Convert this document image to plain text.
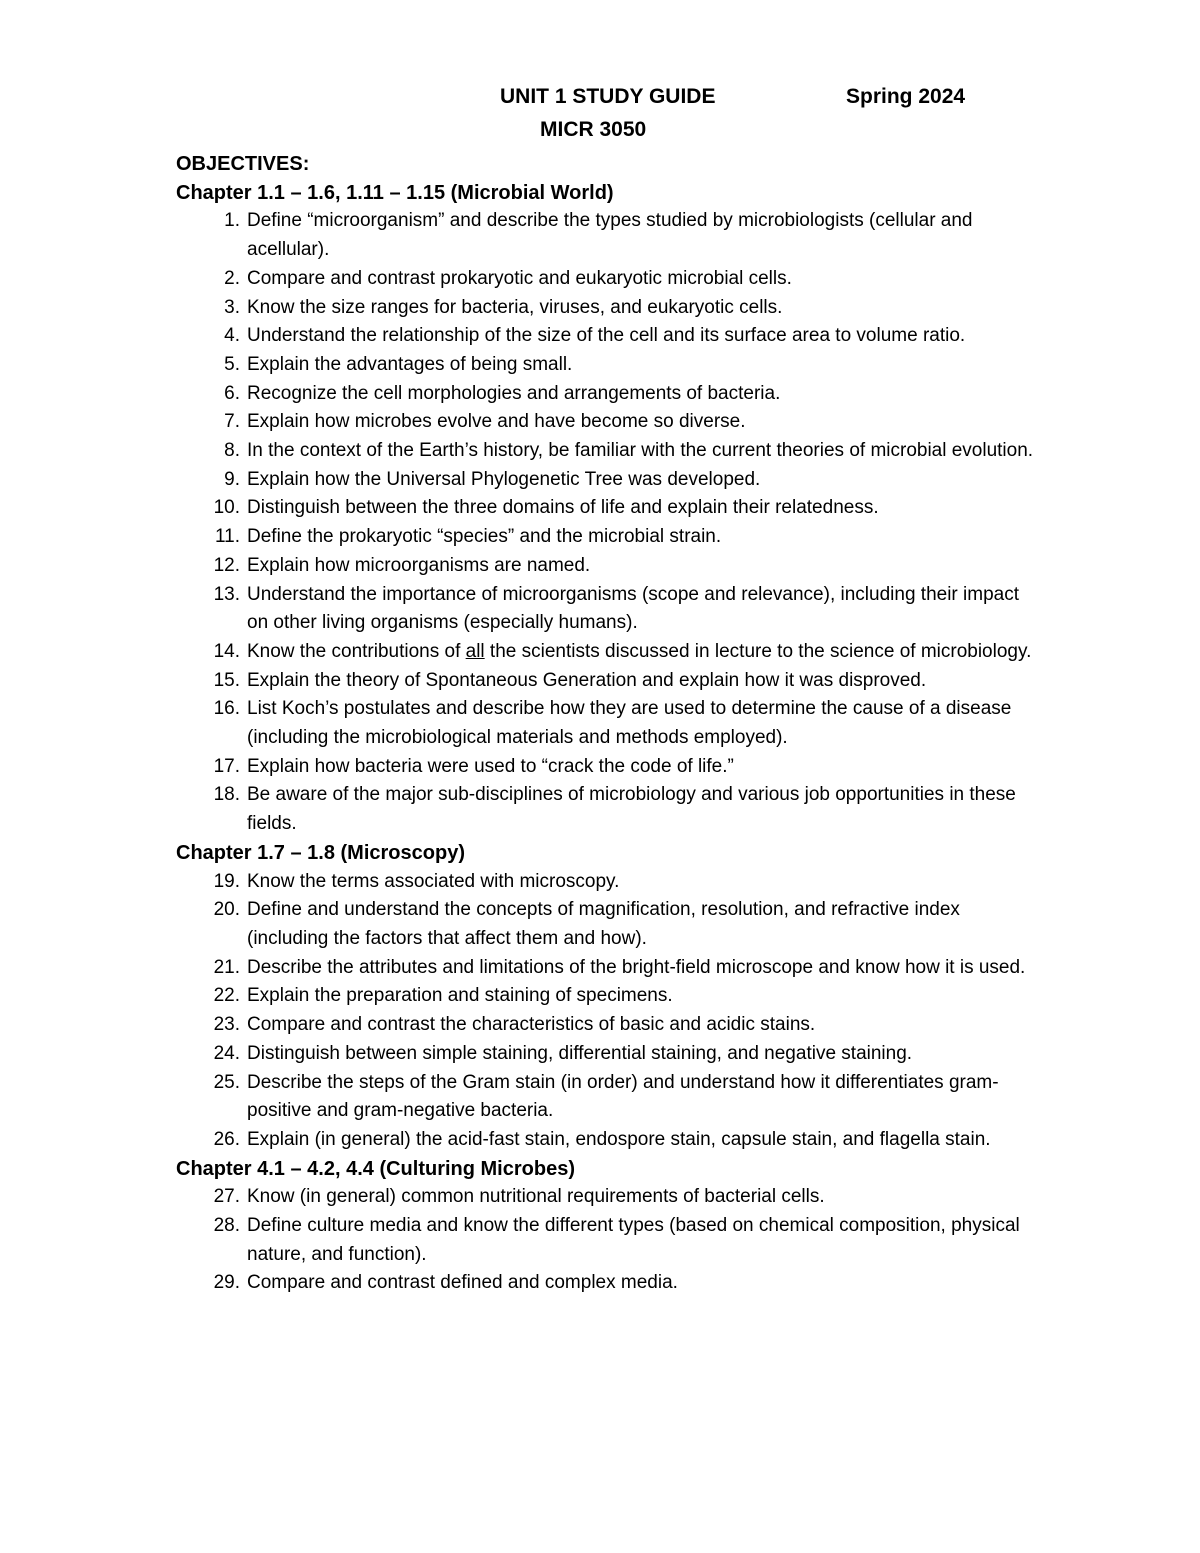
UNIT 1 STUDY GUIDE	Spring 2024
MICR 3050
OBJECTIVES:
Chapter 1.1 – 1.6, 1.11 – 1.15 (Microbial World)
1. Define “microorganism” and describe the types studied by microbiologists (cellular and acellular).
2. Compare and contrast prokaryotic and eukaryotic microbial cells.
3. Know the size ranges for bacteria, viruses, and eukaryotic cells.
4. Understand the relationship of the size of the cell and its surface area to volume ratio.
5. Explain the advantages of being small.
6. Recognize the cell morphologies and arrangements of bacteria.
7. Explain how microbes evolve and have become so diverse.
8. In the context of the Earth’s history, be familiar with the current theories of microbial evolution.
9. Explain how the Universal Phylogenetic Tree was developed.
10. Distinguish between the three domains of life and explain their relatedness.
11. Define the prokaryotic “species” and the microbial strain.
12. Explain how microorganisms are named.
13. Understand the importance of microorganisms (scope and relevance), including their impact on other living organisms (especially humans).
14. Know the contributions of all the scientists discussed in lecture to the science of microbiology.
15. Explain the theory of Spontaneous Generation and explain how it was disproved.
16. List Koch’s postulates and describe how they are used to determine the cause of a disease (including the microbiological materials and methods employed).
17. Explain how bacteria were used to “crack the code of life.”
18. Be aware of the major sub-disciplines of microbiology and various job opportunities in these fields.
Chapter 1.7 – 1.8 (Microscopy)
19. Know the terms associated with microscopy.
20. Define and understand the concepts of magnification, resolution, and refractive index (including the factors that affect them and how).
21. Describe the attributes and limitations of the bright-field microscope and know how it is used.
22. Explain the preparation and staining of specimens.
23. Compare and contrast the characteristics of basic and acidic stains.
24. Distinguish between simple staining, differential staining, and negative staining.
25. Describe the steps of the Gram stain (in order) and understand how it differentiates gram-positive and gram-negative bacteria.
26. Explain (in general) the acid-fast stain, endospore stain, capsule stain, and flagella stain.
Chapter 4.1 – 4.2, 4.4 (Culturing Microbes)
27. Know (in general) common nutritional requirements of bacterial cells.
28. Define culture media and know the different types (based on chemical composition, physical nature, and function).
29. Compare and contrast defined and complex media.
